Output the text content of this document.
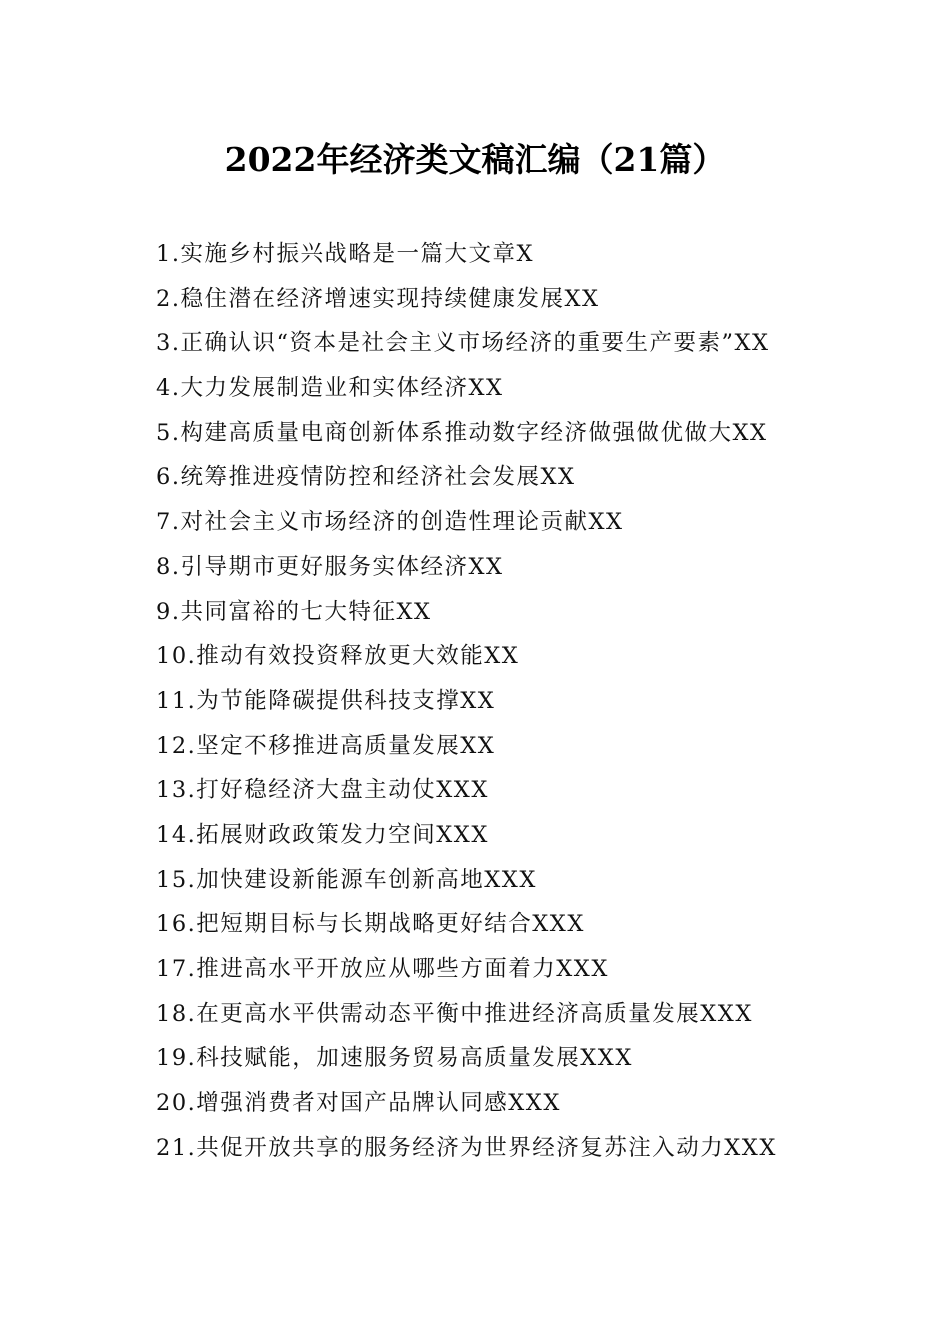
2022年经济类文稿汇编（21篇）
1.实施乡村振兴战略是一篇大文章X
2.稳住潜在经济增速实现持续健康发展XX
3.正确认识“资本是社会主义市场经济的重要生产要素”XX
4.大力发展制造业和实体经济XX
5.构建高质量电商创新体系推动数字经济做强做优做大XX
6.统筹推进疫情防控和经济社会发展XX
7.对社会主义市场经济的创造性理论贡献XX
8.引导期市更好服务实体经济XX
9.共同富裕的七大特征XX
10.推动有效投资释放更大效能XX
11.为节能降碳提供科技支撑XX
12.坚定不移推进高质量发展XX
13.打好稳经济大盘主动仗XXX
14.拓展财政政策发力空间XXX
15.加快建设新能源车创新高地XXX
16.把短期目标与长期战略更好结合XXX
17.推进高水平开放应从哪些方面着力XXX
18.在更高水平供需动态平衡中推进经济高质量发展XXX
19.科技赋能，加速服务贸易高质量发展XXX
20.增强消费者对国产品牌认同感XXX
21.共促开放共享的服务经济为世界经济复苏注入动力XXX
